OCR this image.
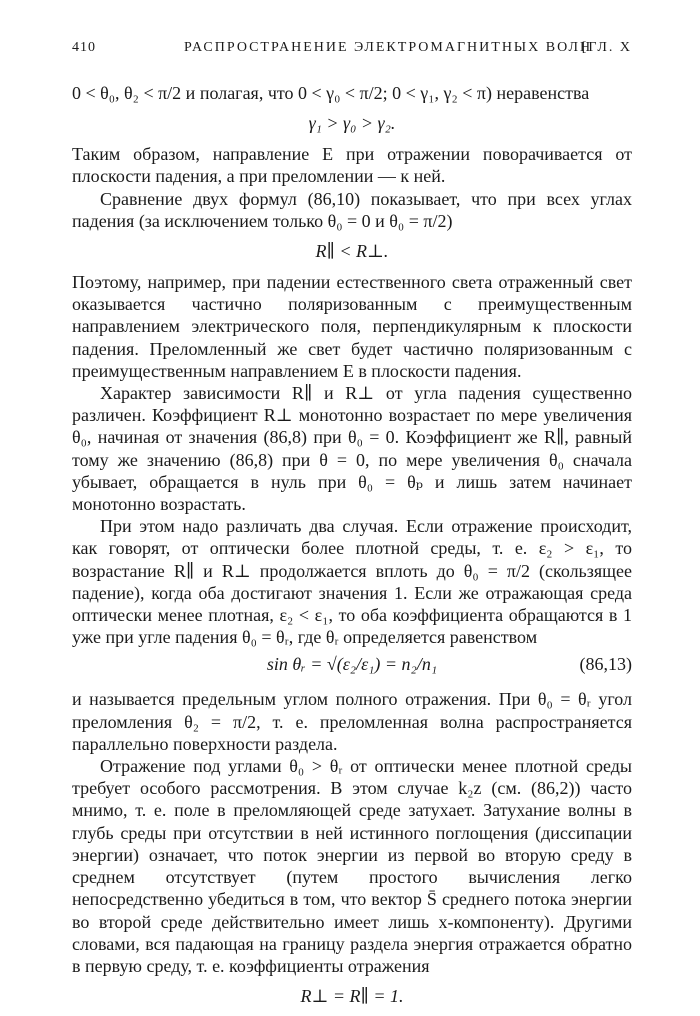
410	РАСПРОСТРАНЕНИЕ ЭЛЕКТРОМАГНИТНЫХ ВОЛН
[ГЛ. X

0 < θ₀, θ₂ < π/2 и полагая, что 0 < γ₀ < π/2; 0 < γ₁, γ₂ < π) неравенства

γ₁ > γ₀ > γ₂.

Таким образом, направление E при отражении поворачивается от плоскости падения, а при преломлении — к ней.

Сравнение двух формул (86,10) показывает, что при всех углах падения (за исключением только θ₀ = 0 и θ₀ = π/2)

R∥ < R⊥.

Поэтому, например, при падении естественного света отраженный свет оказывается частично поляризованным с преимущественным направлением электрического поля, перпендикулярным к плоскости падения. Преломленный же свет будет частично поляризованным с преимущественным направлением E в плоскости падения.

Характер зависимости R∥ и R⊥ от угла падения существенно различен. Коэффициент R⊥ монотонно возрастает по мере увеличения θ₀, начиная от значения (86,8) при θ₀ = 0. Коэффициент же R∥, равный тому же значению (86,8) при θ = 0, по мере увеличения θ₀ сначала убывает, обращается в нуль при θ₀ = θₚ и лишь затем начинает монотонно возрастать.

При этом надо различать два случая. Если отражение происходит, как говорят, от оптически более плотной среды, т. е. ε₂ > ε₁, то возрастание R∥ и R⊥ продолжается вплоть до θ₀ = π/2 (скользящее падение), когда оба достигают значения 1. Если же отражающая среда оптически менее плотная, ε₂ < ε₁, то оба коэффициента обращаются в 1 уже при угле падения θ₀ = θᵣ, где θᵣ определяется равенством

sin θᵣ = √(ε₂/ε₁) = n₂/n₁	(86,13)

и называется предельным углом полного отражения. При θ₀ = θᵣ угол преломления θ₂ = π/2, т. е. преломленная волна распространяется параллельно поверхности раздела.

Отражение под углами θ₀ > θᵣ от оптически менее плотной среды требует особого рассмотрения. В этом случае k₂z (см. (86,2)) часто мнимо, т. е. поле в преломляющей среде затухает. Затухание волны в глубь среды при отсутствии в ней истинного поглощения (диссипации энергии) означает, что поток энергии из первой во вторую среду в среднем отсутствует (путем простого вычисления легко непосредственно убедиться в том, что вектор S̄ среднего потока энергии во второй среде действительно имеет лишь x-компоненту). Другими словами, вся падающая на границу раздела энергия отражается обратно в первую среду, т. е. коэффициенты отражения

R⊥ = R∥ = 1.
